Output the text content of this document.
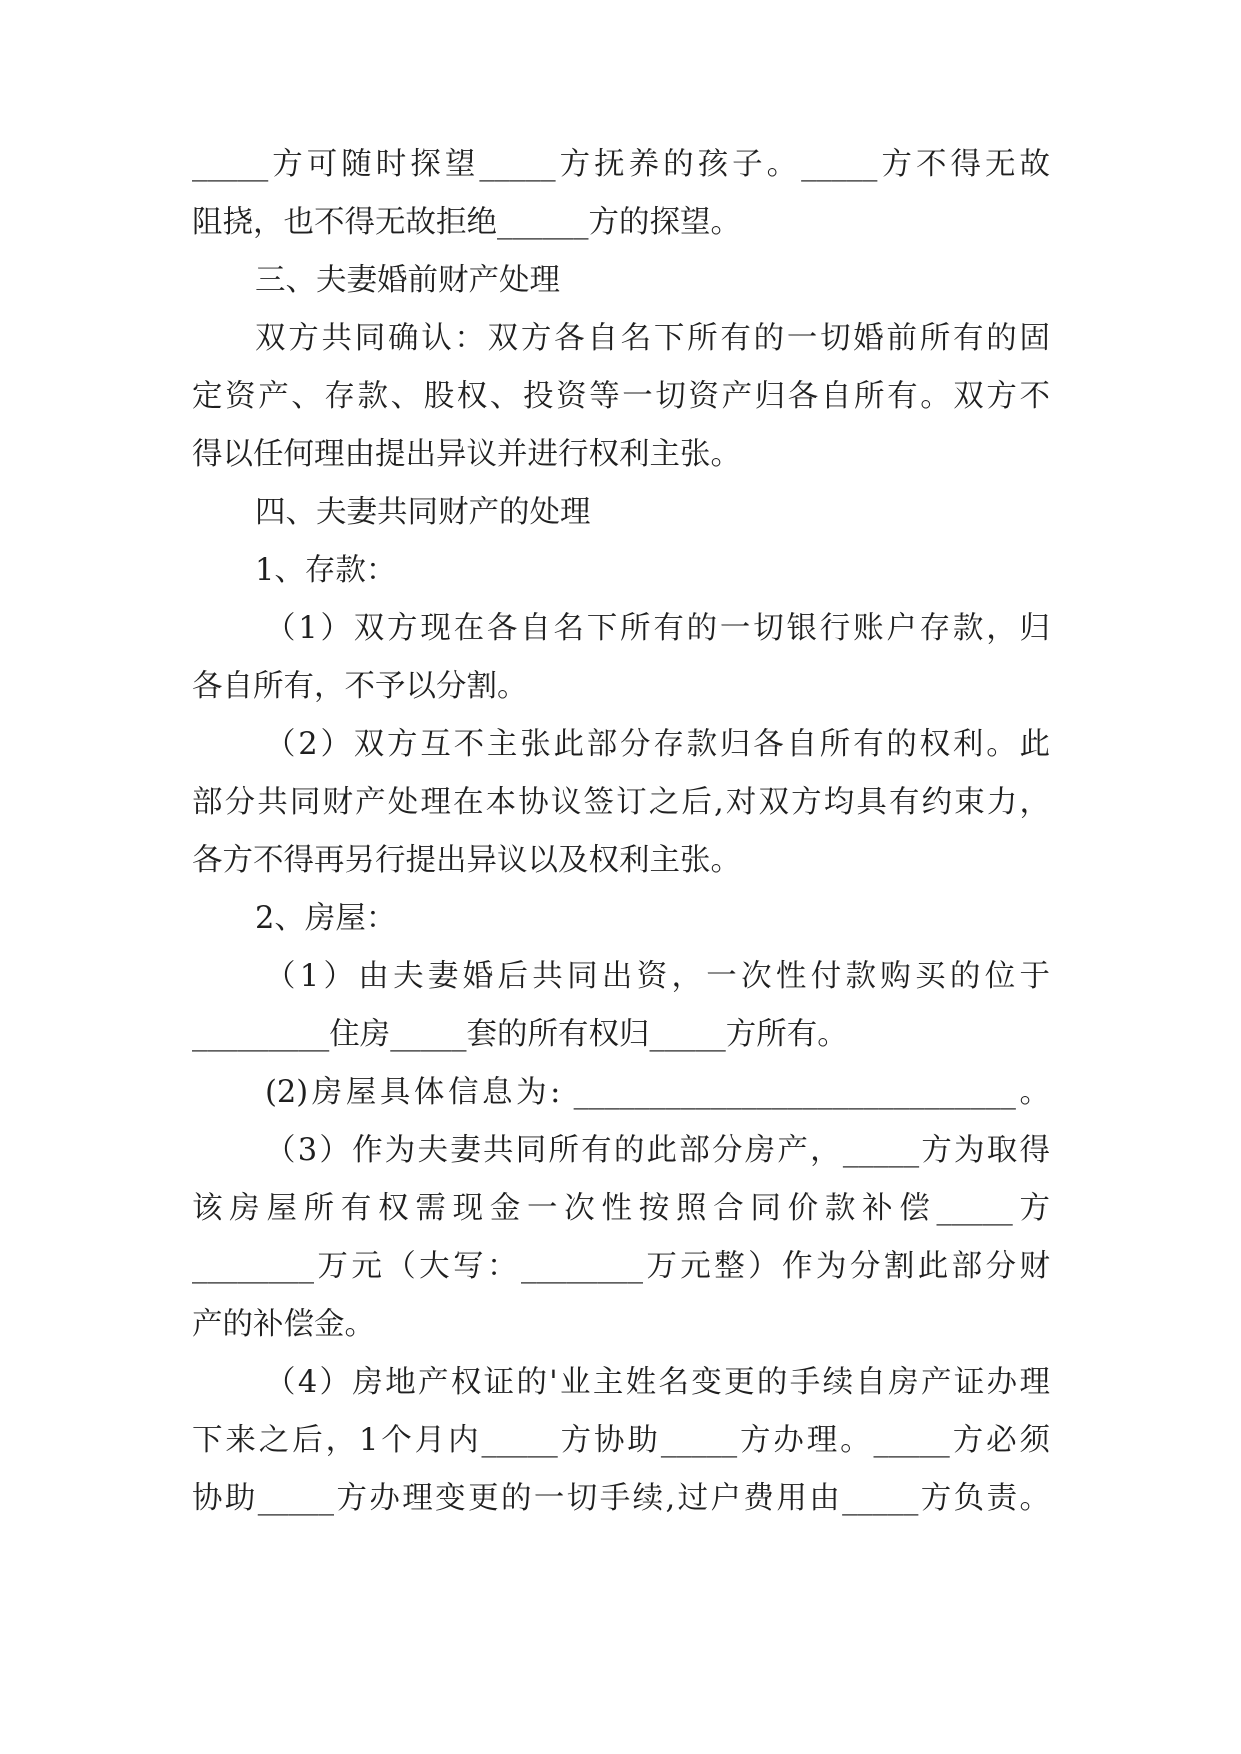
_____方可随时探望_____方抚养的孩子。_____方不得无故
阻挠，也不得无故拒绝______方的探望。
三、夫妻婚前财产处理
双方共同确认：双方各自名下所有的一切婚前所有的固
定资产、存款、股权、投资等一切资产归各自所有。双方不
得以任何理由提出异议并进行权利主张。
四、夫妻共同财产的处理
1、存款：
（1）双方现在各自名下所有的一切银行账户存款，归
各自所有，不予以分割。
（2）双方互不主张此部分存款归各自所有的权利。此
部分共同财产处理在本协议签订之后,对双方均具有约束力，
各方不得再另行提出异议以及权利主张。
2、房屋：
（1）由夫妻婚后共同出资，一次性付款购买的位于
_________住房_____套的所有权归_____方所有。
(2)房屋具体信息为: _____________________________。
（3）作为夫妻共同所有的此部分房产，_____方为取得
该房屋所有权需现金一次性按照合同价款补偿_____方
________万元（大写：________万元整）作为分割此部分财
产的补偿金。
（4）房地产权证的'业主姓名变更的手续自房产证办理
下来之后，1个月内_____方协助_____方办理。_____方必须
协助_____方办理变更的一切手续,过户费用由_____方负责。
